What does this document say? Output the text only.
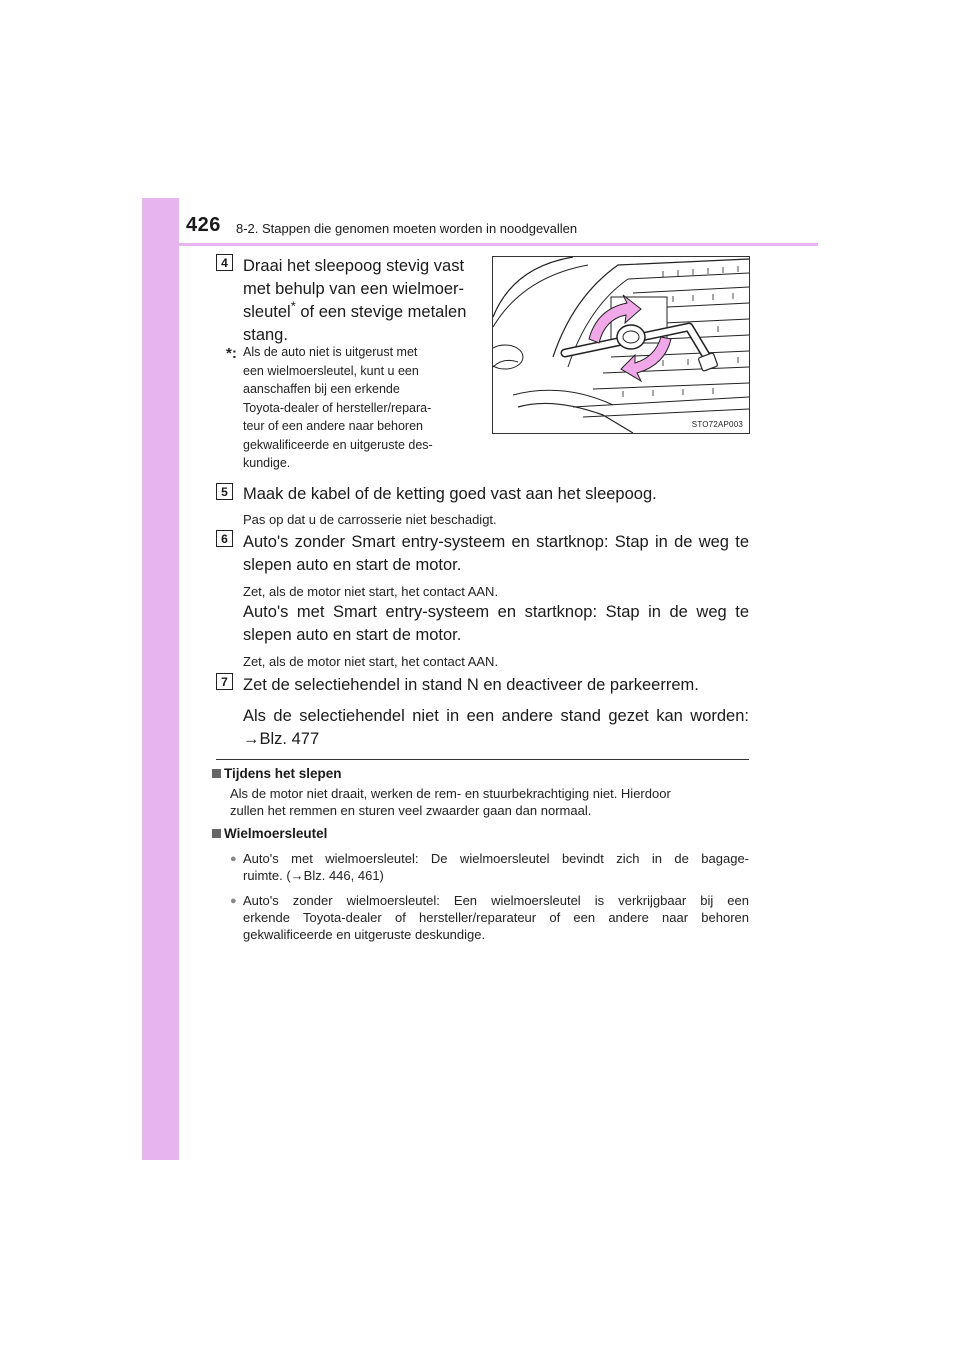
426 8-2. Stappen die genomen moeten worden in noodgevallen
4 Draai het sleepoog stevig vast
met behulp van een wielmoer-
sleutel* of een stevige metalen
stang.
*: Als de auto niet is uitgerust met
een wielmoersleutel, kunt u een
aanschaffen bij een erkende
Toyota-dealer of hersteller/repara-
teur of een andere naar behoren
gekwalificeerde en uitgeruste des-
kundige.
STO72AP003
5 Maak de kabel of de ketting goed vast aan het sleepoog.
Pas op dat u de carrosserie niet beschadigt.
6 Auto's zonder Smart entry-systeem en startknop: Stap in de weg te
slepen auto en start de motor.
Zet, als de motor niet start, het contact AAN.
Auto's met Smart entry-systeem en startknop: Stap in de weg te
slepen auto en start de motor.
Zet, als de motor niet start, het contact AAN.
7 Zet de selectiehendel in stand N en deactiveer de parkeerrem.
Als de selectiehendel niet in een andere stand gezet kan worden:
→Blz. 477
Tijdens het slepen
Als de motor niet draait, werken de rem- en stuurbekrachtiging niet. Hierdoor
zullen het remmen en sturen veel zwaarder gaan dan normaal.
Wielmoersleutel
● Auto's met wielmoersleutel: De wielmoersleutel bevindt zich in de bagage-
ruimte. (→Blz. 446, 461)
● Auto's zonder wielmoersleutel: Een wielmoersleutel is verkrijgbaar bij een
erkende Toyota-dealer of hersteller/reparateur of een andere naar behoren
gekwalificeerde en uitgeruste deskundige.
